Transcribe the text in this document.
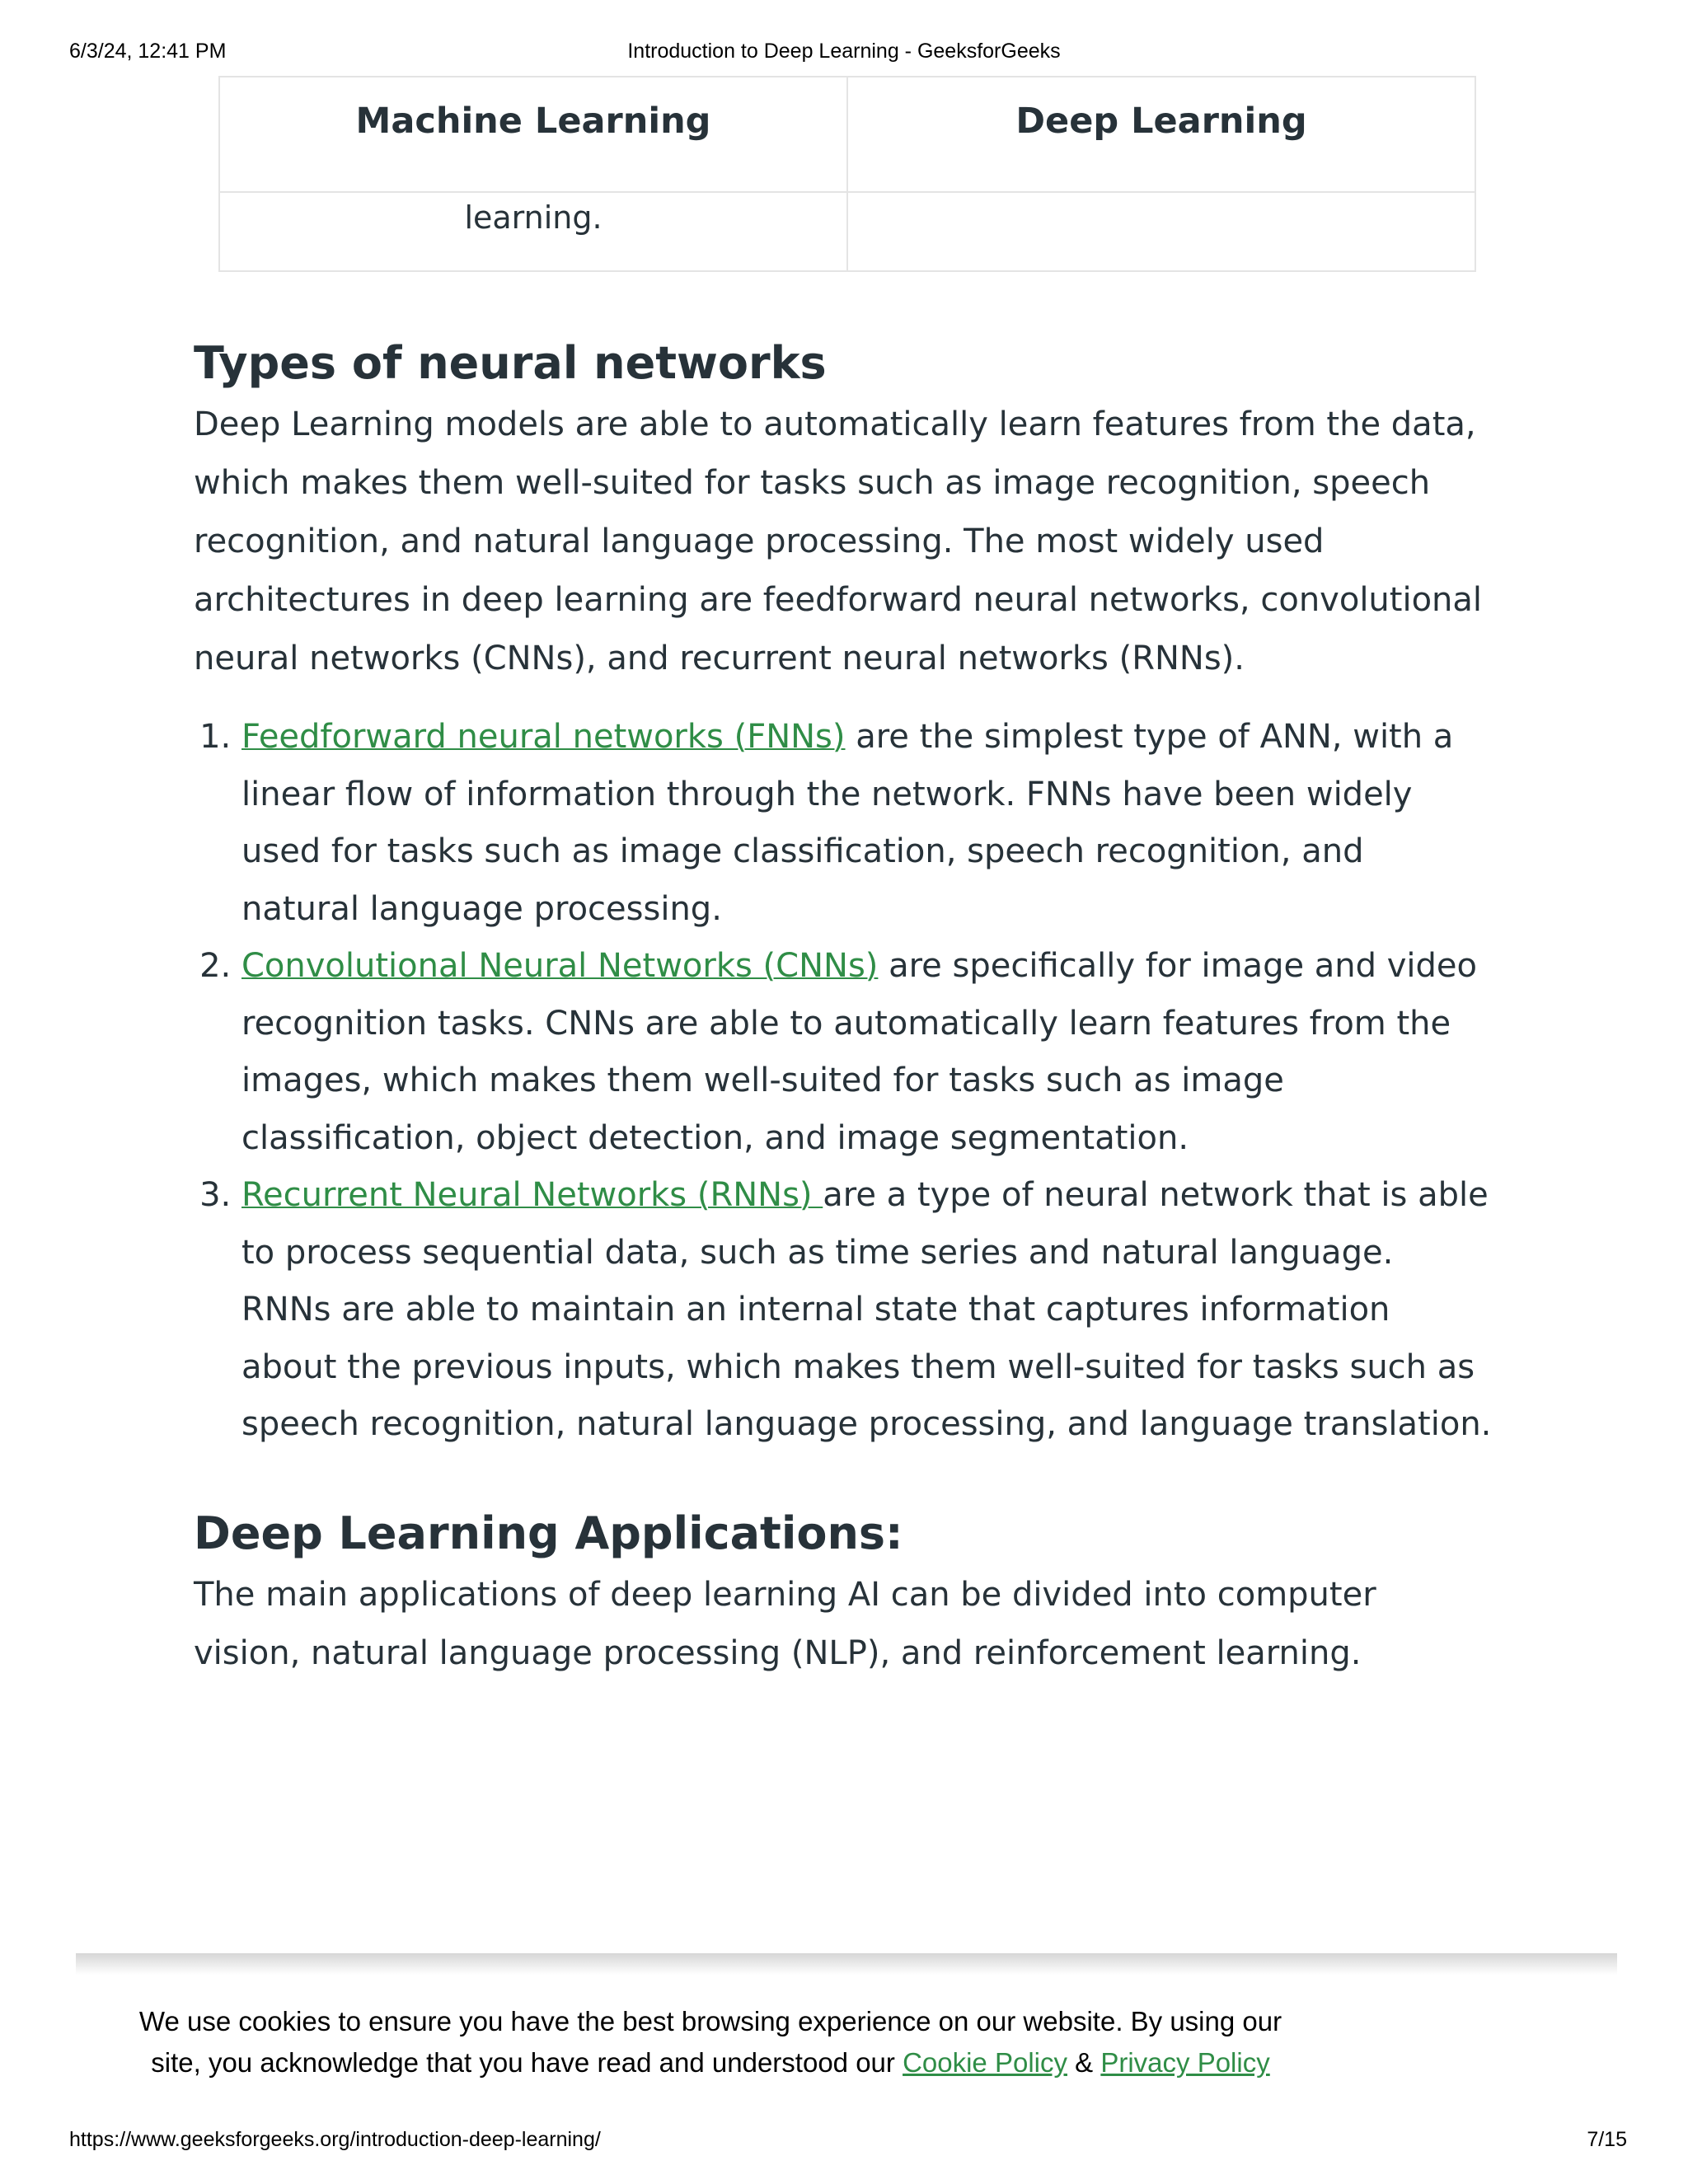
6/3/24, 12:41 PM	Introduction to Deep Learning - GeeksforGeeks
Machine Learning	Deep Learning
learning.	
Types of neural networks

Deep Learning models are able to automatically learn features from the data, which makes them well-suited for tasks such as image recognition, speech recognition, and natural language processing. The most widely used architectures in deep learning are feedforward neural networks, convolutional neural networks (CNNs), and recurrent neural networks (RNNs).

1. Feedforward neural networks (FNNs) are the simplest type of ANN, with a linear flow of information through the network. FNNs have been widely used for tasks such as image classification, speech recognition, and natural language processing.
2. Convolutional Neural Networks (CNNs) are specifically for image and video recognition tasks. CNNs are able to automatically learn features from the images, which makes them well-suited for tasks such as image classification, object detection, and image segmentation.
3. Recurrent Neural Networks (RNNs) are a type of neural network that is able to process sequential data, such as time series and natural language. RNNs are able to maintain an internal state that captures information about the previous inputs, which makes them well-suited for tasks such as speech recognition, natural language processing, and language translation.
Deep Learning Applications:

The main applications of deep learning AI can be divided into computer vision, natural language processing (NLP), and reinforcement learning.

We use cookies to ensure you have the best browsing experience on our website. By using our
site, you acknowledge that you have read and understood our Cookie Policy & Privacy Policy
https://www.geeksforgeeks.org/introduction-deep-learning/	7/15
